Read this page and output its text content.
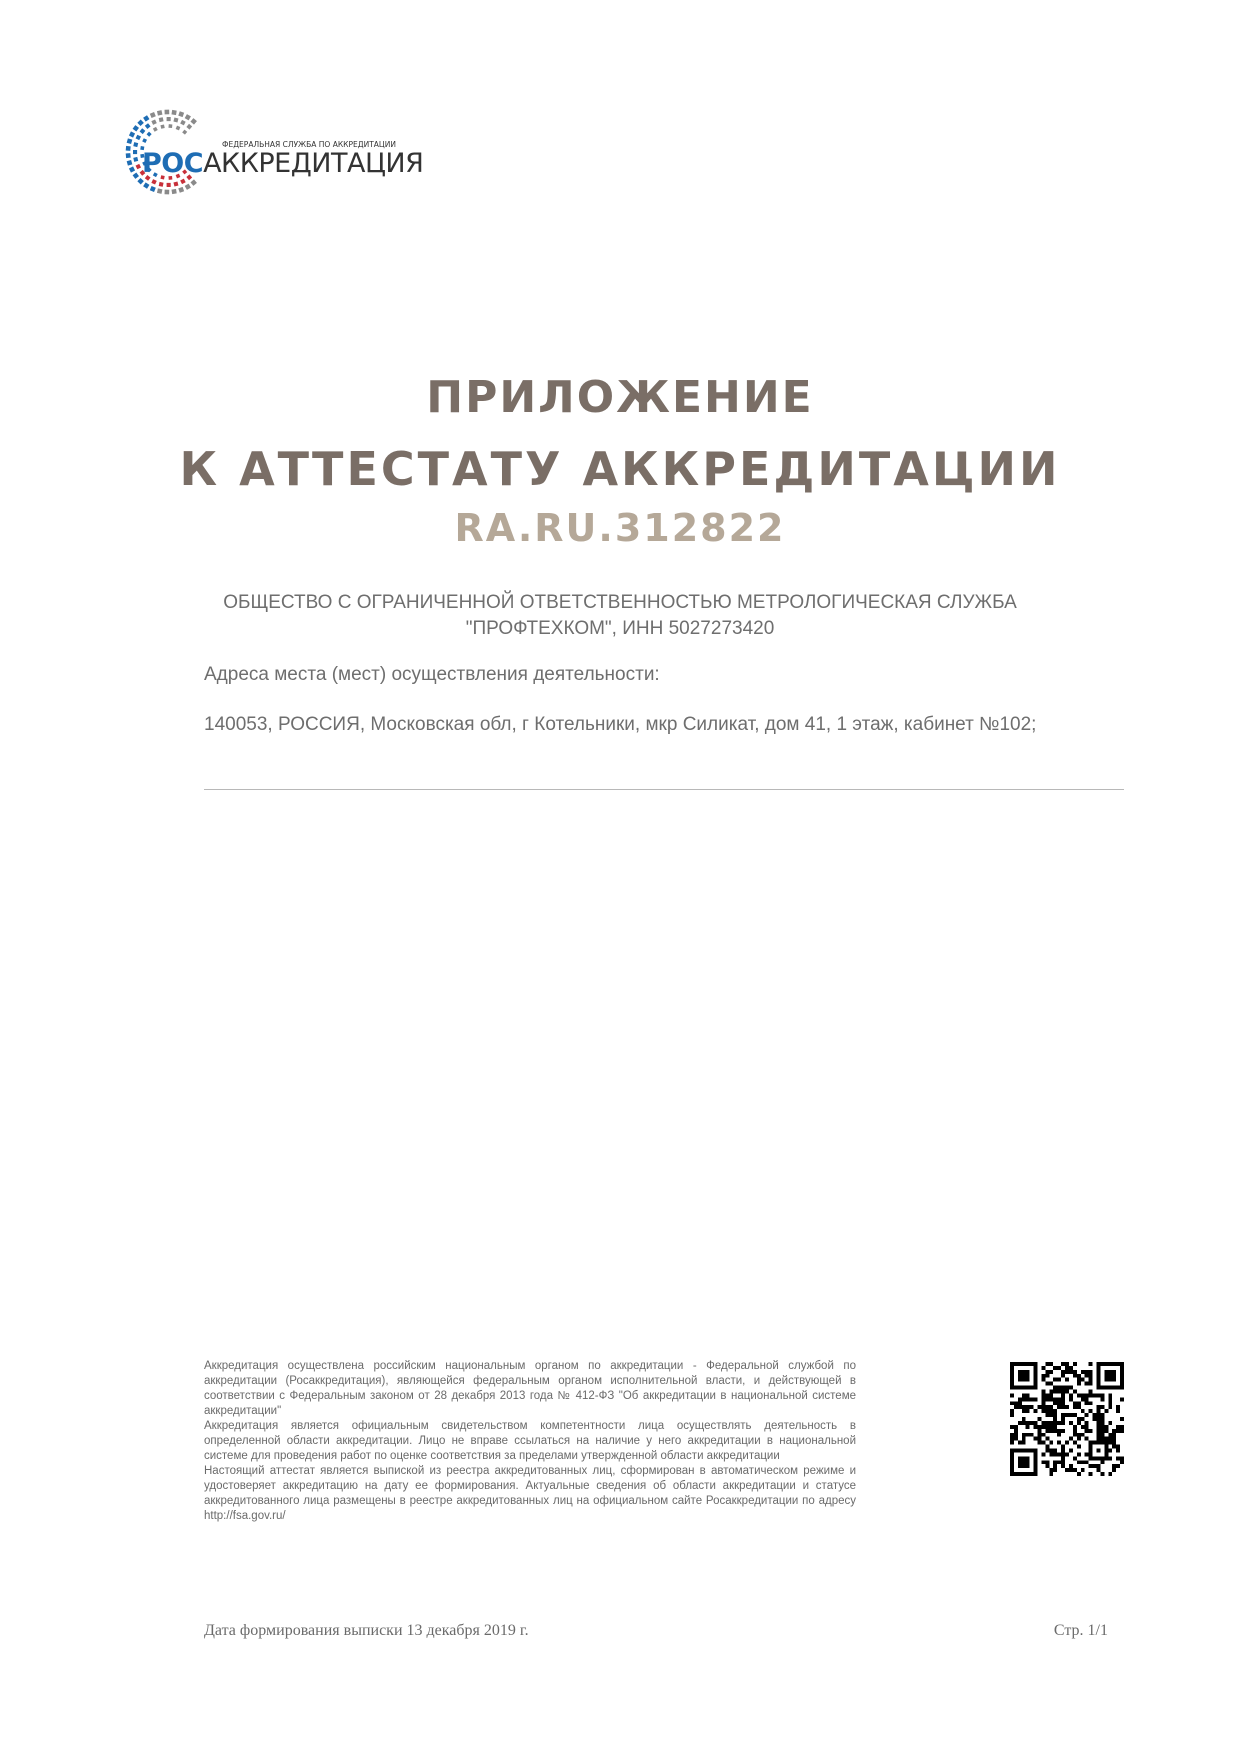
ФЕДЕРАЛЬНАЯ СЛУЖБА ПО АККРЕДИТАЦИИ
РОСАККРЕДИТАЦИЯ
ПРИЛОЖЕНИЕ
К АТТЕСТАТУ АККРЕДИТАЦИИ
RA.RU.312822
ОБЩЕСТВО С ОГРАНИЧЕННОЙ ОТВЕТСТВЕННОСТЬЮ МЕТРОЛОГИЧЕСКАЯ СЛУЖБА
"ПРОФТЕХКОМ", ИНН 5027273420
Адреса места (мест) осуществления деятельности:
140053, РОССИЯ, Московская обл, г Котельники, мкр Силикат, дом 41, 1 этаж, кабинет №102;

Аккредитация осуществлена российским национальным органом по аккредитации - Федеральной службой по аккредитации (Росаккредитация), являющейся федеральным органом исполнительной власти, и действующей в соответствии с Федеральным законом от 28 декабря 2013 года № 412-ФЗ "Об аккредитации в национальной системе аккредитации"

Аккредитация является официальным свидетельством компетентности лица осуществлять деятельность в определенной области аккредитации. Лицо не вправе ссылаться на наличие у него аккредитации в национальной системе для проведения работ по оценке соответствия за пределами утвержденной области аккредитации

Настоящий аттестат является выпиской из реестра аккредитованных лиц, сформирован в автоматическом режиме и удостоверяет аккредитацию на дату ее формирования. Актуальные сведения об области аккредитации и статусе аккредитованного лица размещены в реестре аккредитованных лиц на официальном сайте Росаккредитации по адресу http://fsa.gov.ru/

Дата формирования выписки 13 декабря 2019 г.	Стр. 1/1
